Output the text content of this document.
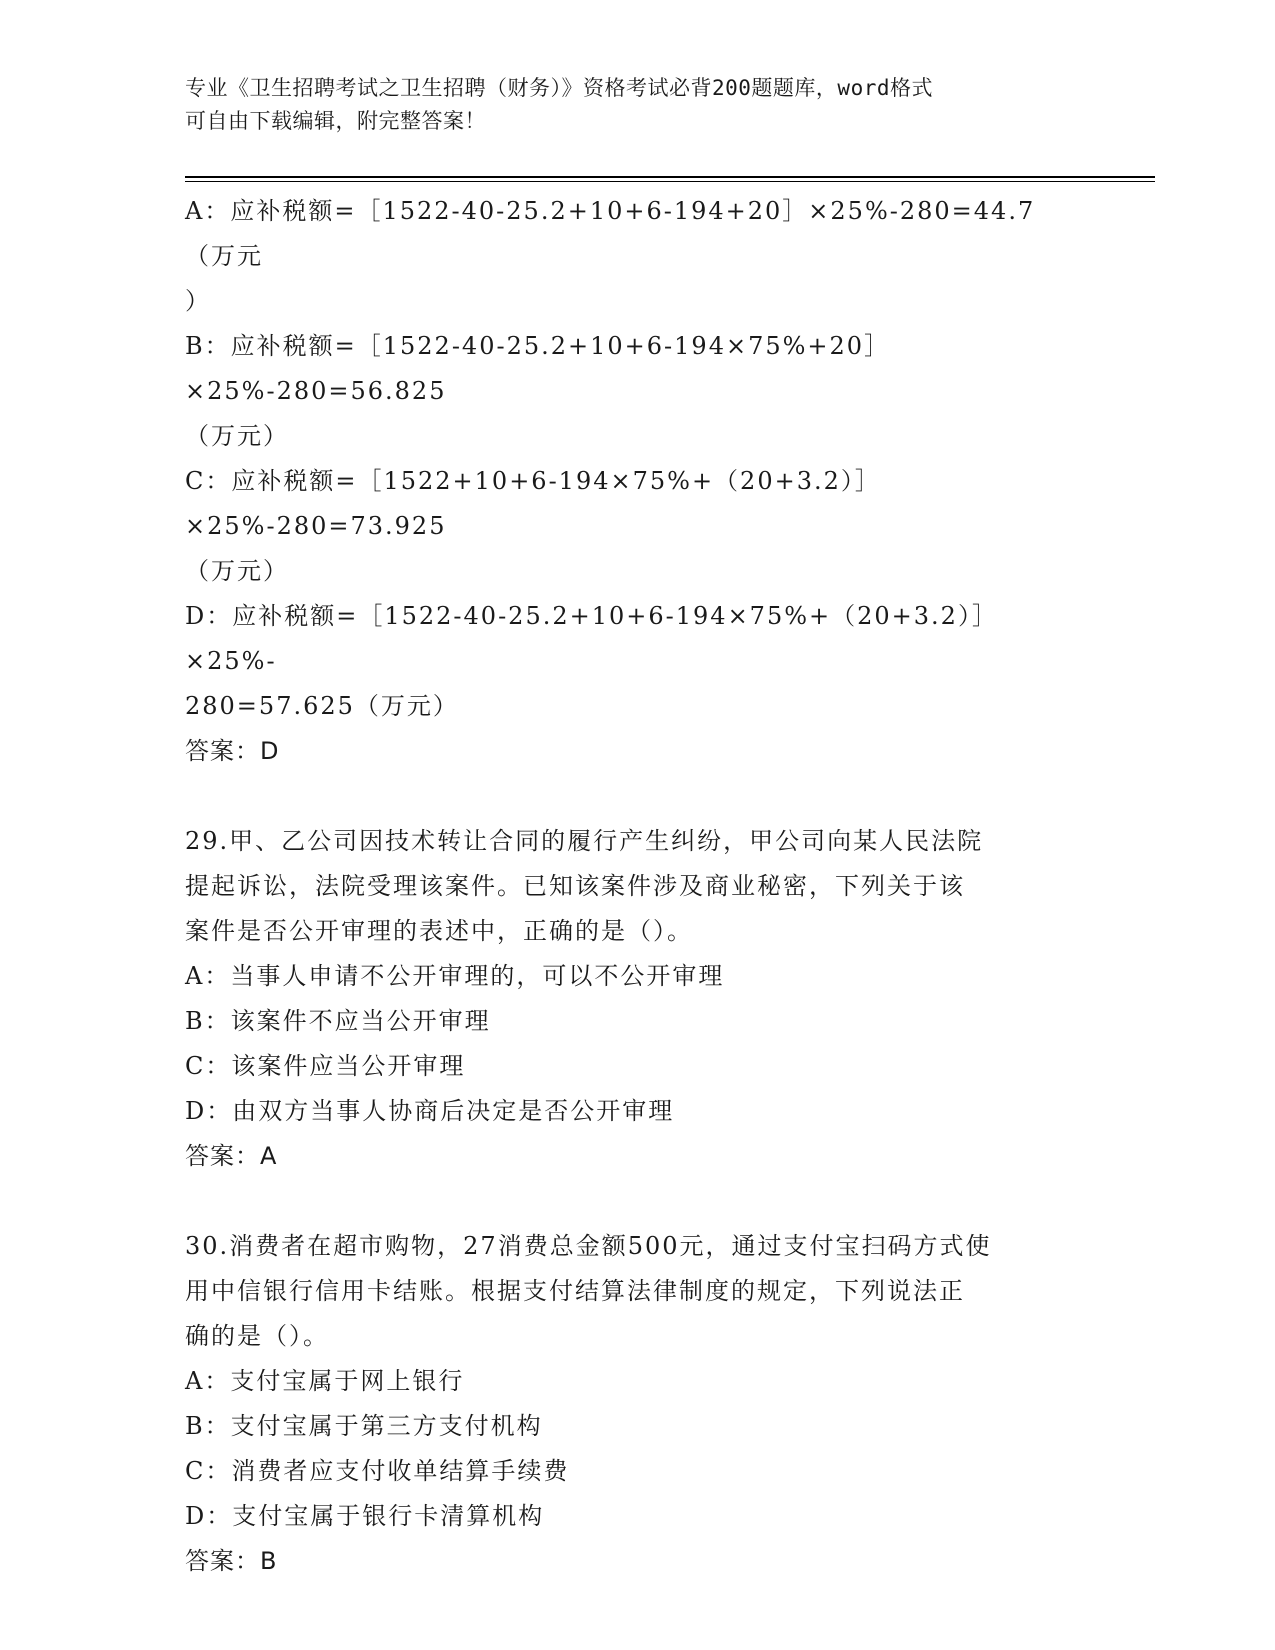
专业《卫生招聘考试之卫生招聘（财务）》资格考试必背200题题库，word格式
可自由下载编辑，附完整答案！
A：应补税额=［1522-40-25.2+10+6-194+20］×25%-280=44.7（万元
）
B：应补税额=［1522-40-25.2+10+6-194×75%+20］×25%-280=56.825
（万元）
C：应补税额=［1522+10+6-194×75%+（20+3.2）］×25%-280=73.925
（万元）
D：应补税额=［1522-40-25.2+10+6-194×75%+（20+3.2）］×25%-
280=57.625（万元）
答案：D
29.甲、乙公司因技术转让合同的履行产生纠纷，甲公司向某人民法院
提起诉讼，法院受理该案件。已知该案件涉及商业秘密，下列关于该
案件是否公开审理的表述中，正确的是（）。
A：当事人申请不公开审理的，可以不公开审理
B：该案件不应当公开审理
C：该案件应当公开审理
D：由双方当事人协商后决定是否公开审理
答案：A
30.消费者在超市购物，27消费总金额500元，通过支付宝扫码方式使
用中信银行信用卡结账。根据支付结算法律制度的规定，下列说法正
确的是（）。
A：支付宝属于网上银行
B：支付宝属于第三方支付机构
C：消费者应支付收单结算手续费
D：支付宝属于银行卡清算机构
答案：B
